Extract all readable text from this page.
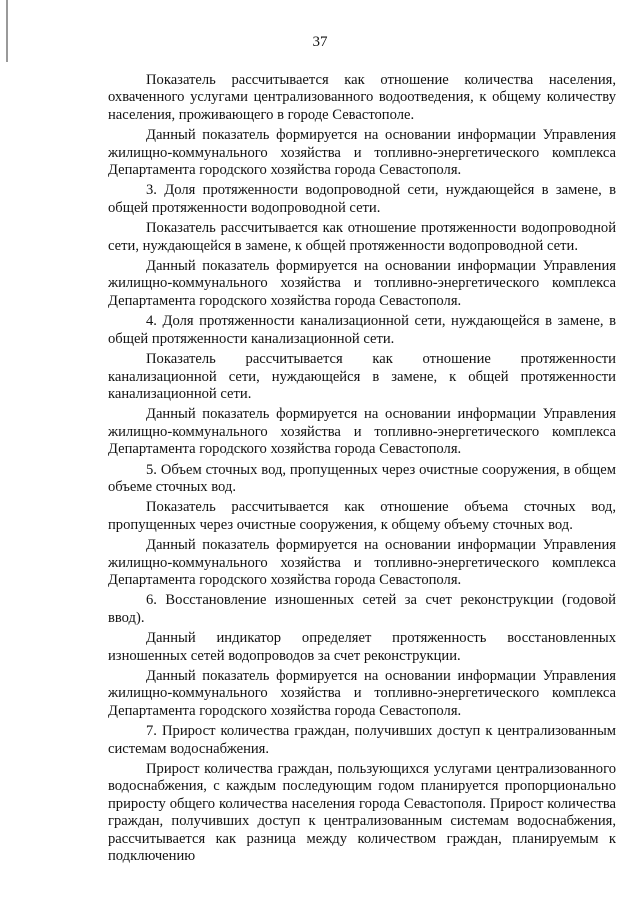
37

Показатель рассчитывается как отношение количества населения, охваченного услугами централизованного водоотведения, к общему количеству населения, проживающего в городе Севастополе.

Данный показатель формируется на основании информации Управления жилищно-коммунального хозяйства и топливно-энергетического комплекса Департамента городского хозяйства города Севастополя.

3. Доля протяженности водопроводной сети, нуждающейся в замене, в общей протяженности водопроводной сети.

Показатель рассчитывается как отношение протяженности водопроводной сети, нуждающейся в замене, к общей протяженности водопроводной сети.

Данный показатель формируется на основании информации Управления жилищно-коммунального хозяйства и топливно-энергетического комплекса Департамента городского хозяйства города Севастополя.

4. Доля протяженности канализационной сети, нуждающейся в замене, в общей протяженности канализационной сети.

Показатель рассчитывается как отношение протяженности канализационной сети, нуждающейся в замене, к общей протяженности канализационной сети.

Данный показатель формируется на основании информации Управления жилищно-коммунального хозяйства и топливно-энергетического комплекса Департамента городского хозяйства города Севастополя.

5. Объем сточных вод, пропущенных через очистные сооружения, в общем объеме сточных вод.

Показатель рассчитывается как отношение объема сточных вод, пропущенных через очистные сооружения, к общему объему сточных вод.

Данный показатель формируется на основании информации Управления жилищно-коммунального хозяйства и топливно-энергетического комплекса Департамента городского хозяйства города Севастополя.

6. Восстановление изношенных сетей за счет реконструкции (годовой ввод).

Данный индикатор определяет протяженность восстановленных изношенных сетей водопроводов за счет реконструкции.

Данный показатель формируется на основании информации Управления жилищно-коммунального хозяйства и топливно-энергетического комплекса Департамента городского хозяйства города Севастополя.

7. Прирост количества граждан, получивших доступ к централизованным системам водоснабжения.

Прирост количества граждан, пользующихся услугами централизованного водоснабжения, с каждым последующим годом планируется пропорционально приросту общего количества населения города Севастополя. Прирост количества граждан, получивших доступ к централизованным системам водоснабжения, рассчитывается как разница между количеством граждан, планируемым к подключению
